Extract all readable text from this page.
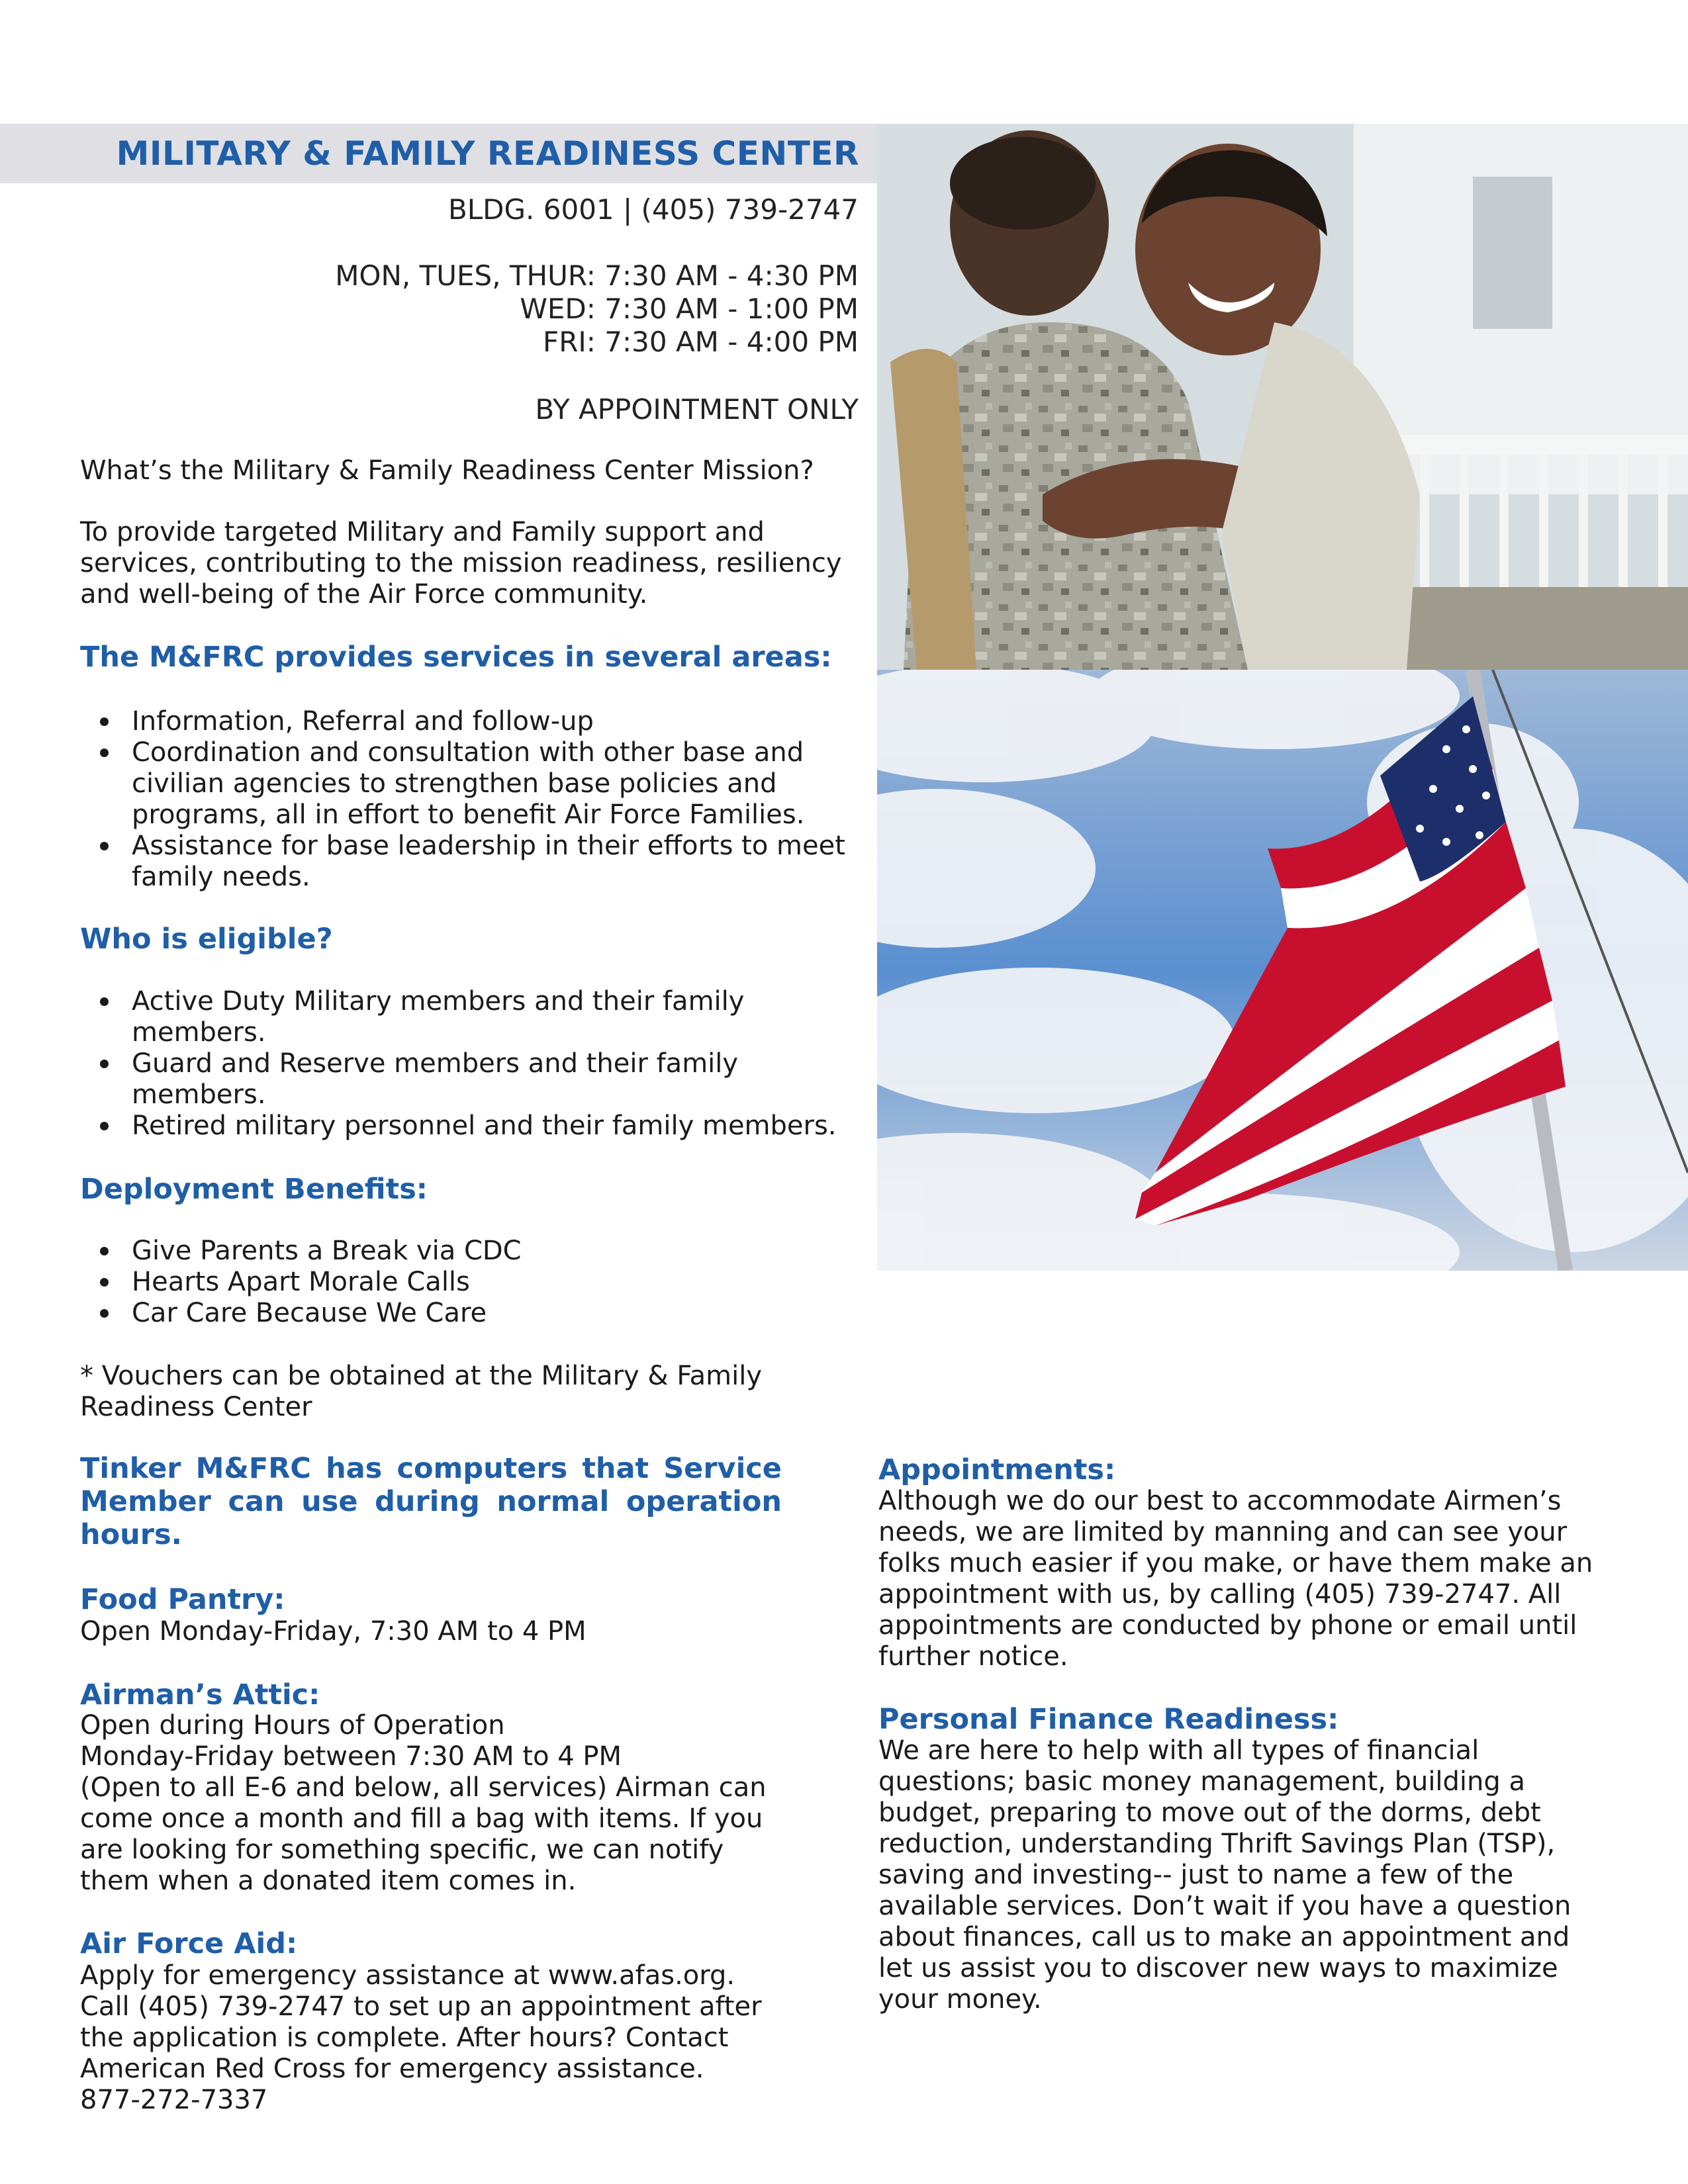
MILITARY & FAMILY READINESS CENTER
BLDG. 6001 | (405) 739-2747
MON, TUES, THUR: 7:30 AM - 4:30 PM
WED: 7:30 AM - 1:00 PM
FRI: 7:30 AM - 4:00 PM
BY APPOINTMENT ONLY
What’s the Military & Family Readiness Center Mission?
To provide targeted Military and Family support and
services, contributing to the mission readiness, resiliency
and well-being of the Air Force community.
The M&FRC provides services in several areas:
Information, Referral and follow-up
Coordination and consultation with other base and
civilian agencies to strengthen base policies and
programs, all in effort to benefit Air Force Families.
Assistance for base leadership in their efforts to meet
family needs.
Who is eligible?
Active Duty Military members and their family
members.
Guard and Reserve members and their family
members.
Retired military personnel and their family members.
Deployment Benefits:
Give Parents a Break via CDC
Hearts Apart Morale Calls
Car Care Because We Care
* Vouchers can be obtained at the Military & Family
Readiness Center
Tinker M&FRC has computers that Service
Member can use during normal operation
hours.
Food Pantry:
Open Monday-Friday, 7:30 AM to 4 PM
Airman’s Attic:
Open during Hours of Operation
Monday-Friday between 7:30 AM to 4 PM
(Open to all E-6 and below, all services) Airman can
come once a month and fill a bag with items. If you
are looking for something specific, we can notify
them when a donated item comes in.
Air Force Aid:
Apply for emergency assistance at www.afas.org.
Call (405) 739-2747 to set up an appointment after
the application is complete. After hours? Contact
American Red Cross for emergency assistance.
877-272-7337
Appointments:
Although we do our best to accommodate Airmen’s
needs, we are limited by manning and can see your
folks much easier if you make, or have them make an
appointment with us, by calling (405) 739-2747. All
appointments are conducted by phone or email until
further notice.
Personal Finance Readiness:
We are here to help with all types of financial
questions; basic money management, building a
budget, preparing to move out of the dorms, debt
reduction, understanding Thrift Savings Plan (TSP),
saving and investing-- just to name a few of the
available services. Don’t wait if you have a question
about finances, call us to make an appointment and
let us assist you to discover new ways to maximize
your money.
